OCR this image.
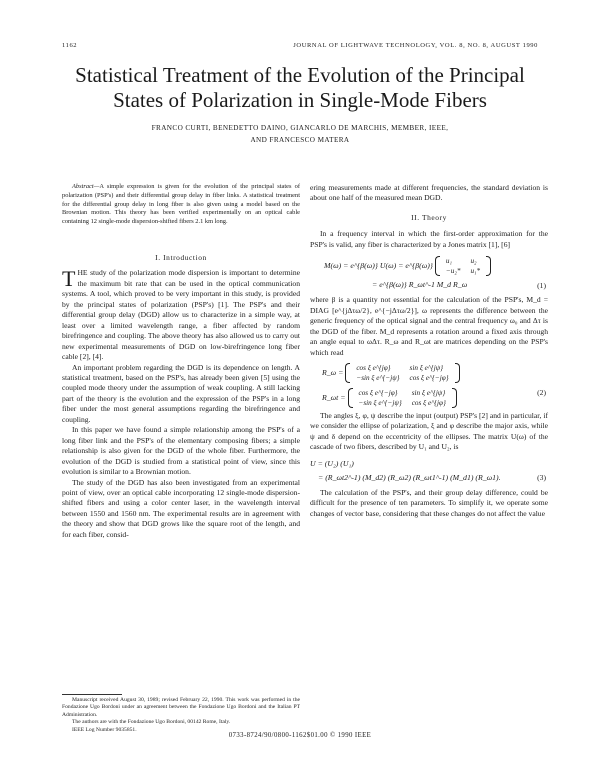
1162	JOURNAL OF LIGHTWAVE TECHNOLOGY, VOL. 8, NO. 8, AUGUST 1990
Statistical Treatment of the Evolution of the Principal
States of Polarization in Single-Mode Fibers
FRANCO CURTI, BENEDETTO DAINO, GIANCARLO DE MARCHIS, MEMBER, IEEE,
AND FRANCESCO MATERA

Abstract—A simple expression is given for the evolution of the principal states of polarization (PSP's) and their differential group delay in fiber links. A statistical treatment for the differential group delay in long fiber is also given using a model based on the Brownian motion. This theory has been verified experimentally on an optical cable containing 12 single-mode dispersion-shifted fibers 2.1 km long.

I. Introduction

THE study of the polarization mode dispersion is important to determine the maximum bit rate that can be used in the optical communication systems. A tool, which proved to be very important in this study, is provided by the principal states of polarization (PSP's) [1]. The PSP's and their differential group delay (DGD) allow us to characterize in a simple way, at least over a limited wavelength range, a fiber affected by random birefringence and coupling. The above theory has also allowed us to carry out new experimental measurements of DGD on low-birefringence long fiber cable [2], [4].

An important problem regarding the DGD is its dependence on length. A statistical treatment, based on the PSP's, has already been given [5] using the coupled mode theory under the assumption of weak coupling. A still lacking part of the theory is the evolution and the expression of the PSP's in a long fiber under the most general assumptions regarding the birefringence and coupling.

In this paper we have found a simple relationship among the PSP's of a long fiber link and the PSP's of the elementary composing fibers; a simple relationship is also given for the DGD of the whole fiber. Furthermore, the evolution of the DGD is studied from a statistical point of view, since this evolution is similar to a Brownian motion.

The study of the DGD has also been investigated from an experimental point of view, over an optical cable incorporating 12 single-mode dispersion-shifted fibers and using a color center laser, in the wavelength interval between 1550 and 1560 nm. The experimental results are in agreement with the theory and show that DGD grows like the square root of the length, and for each fiber, consid-

Manuscript received August 30, 1989; revised February 22, 1990. This work was performed in the Fondazione Ugo Bordoni under an agreement between the Fondazione Ugo Bordoni and the Italian PT Administration.

The authors are with the Fondazione Ugo Bordoni, 00142 Rome, Italy.

IEEE Log Number 9035851.

ering measurements made at different frequencies, the standard deviation is about one half of the measured mean DGD.

II. Theory

In a frequency interval in which the first-order approximation for the PSP's is valid, any fiber is characterized by a Jones matrix [1], [6]

M(ω) = e^{β(ω)} U(ω) = e^{β(ω)} u₁	u₂
−u₂*	u₁*
= e^{β(ω)} R_ωt^-1 M_d R_ω	(1)

where β is a quantity not essential for the calculation of the PSP's, M_d = DIAG [e^{jΔτω/2}, e^{−jΔτω/2}], ω represents the difference between the generic frequency of the optical signal and the central frequency ω₀ and Δτ is the DGD of the fiber. M_d represents a rotation around a fixed axis through an angle equal to ωΔτ. R_ω and R_ωt are matrices depending on the PSP's which read

R_ω = cos ξ e^{jφ}	sin ξ e^{jψ}
−sin ξ e^{−jψ}	cos ξ e^{−jφ}
R_ωt = cos ξ e^{−jφ}	sin ξ e^{jψ}
−sin ξ e^{−jψ}	cos ξ e^{jφ}
(2)

The angles ξ, φ, ψ describe the input (output) PSP's [2] and in particular, if we consider the ellipse of polarization, ξ and φ describe the major axis, while ψ and δ depend on the eccentricity of the ellipses. The matrix U(ω) of the cascade of two fibers, described by U₁ and U₂, is

U = (U₂) (U₁)
= (R_ωt2^-1) (M_d2) (R_ω2) (R_ωt1^-1) (M_d1) (R_ω1).	(3)

The calculation of the PSP's, and their group delay difference, could be difficult for the presence of ten parameters. To simplify it, we operate some changes of vector base, considering that these changes do not affect the value

0733-8724/90/0800-1162$01.00 © 1990 IEEE
